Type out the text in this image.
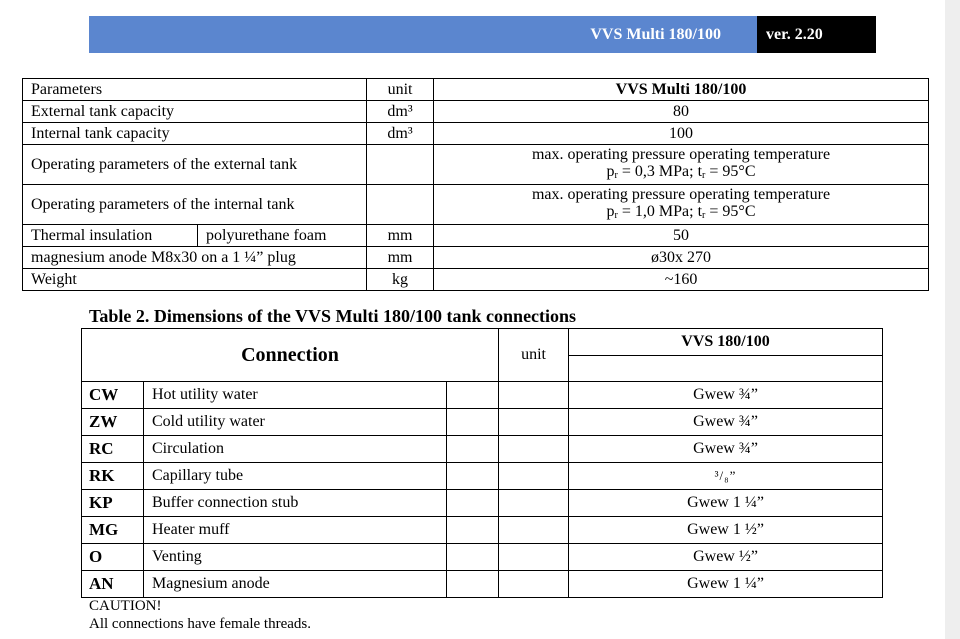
VVS Multi 180/100	ver. 2.20
Parameters		unit	VVS Multi 180/100
External tank capacity		dm³	80
Internal tank capacity		dm³	100
Operating parameters of the external tank			max. operating pressure operating temperature
$p_r = 0,3$ MPa; $t_r = 95^\circ C$

Operating parameters of the internal tank			max. operating pressure operating temperature
$p_r = 1,0$ MPa; $t_r = 95^\circ C$

Thermal insulation	polyurethane foam	mm	50
magnesium anode M8x30 on a 1 ¼” plug		mm	ø30x 270
Weight		kg	~160
Table 2. Dimensions of the VVS Multi 180/100 tank connections
Connection			unit	VVS 180/100

CW	Hot utility water			Gwew ¾”
ZW	Cold utility water			Gwew ¾”
RC	Circulation			Gwew ¾”
RK	Capillary tube			³/₈”
KP	Buffer connection stub			Gwew 1 ¼”
MG	Heater muff			Gwew 1 ½”
O	Venting			Gwew ½”
AN	Magnesium anode			Gwew 1 ¼”
CAUTION!
All connections have female threads.
